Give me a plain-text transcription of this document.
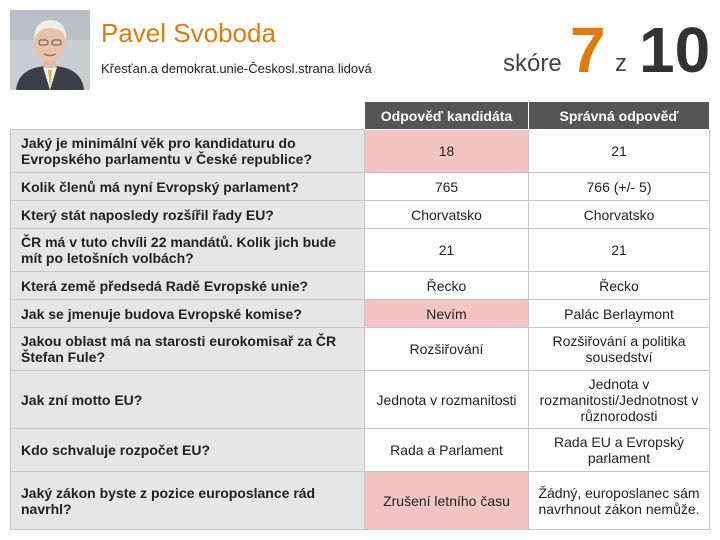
Pavel Svoboda
Křesťan.a demokrat.unie-Českosl.strana lidová	skóre 7 z 10
	Odpověď kandidáta	Správná odpověď
Jaký je minimální věk pro kandidaturu do Evropského parlamentu v České republice?	18	21
Kolik členů má nyní Evropský parlament?	765	766 (+/- 5)
Který stát naposledy rozšířil řady EU?	Chorvatsko	Chorvatsko
ČR má v tuto chvíli 22 mandátů. Kolik jich bude mít po letošních volbách?	21	21
Která země předsedá Radě Evropské unie?	Řecko	Řecko
Jak se jmenuje budova Evropské komise?	Nevím	Palác Berlaymont
Jakou oblast má na starosti eurokomisař za ČR Štefan Fule?	Rozšiřování	Rozšiřování a politika sousedství
Jak zní motto EU?	Jednota v rozmanitosti	Jednota v rozmanitosti/Jednotnost v různorodosti
Kdo schvaluje rozpočet EU?	Rada a Parlament	Rada EU a Evropský parlament
Jaký zákon byste z pozice europoslance rád navrhl?	Zrušení letního času	Žádný, europoslanec sám navrhnout zákon nemůže.
